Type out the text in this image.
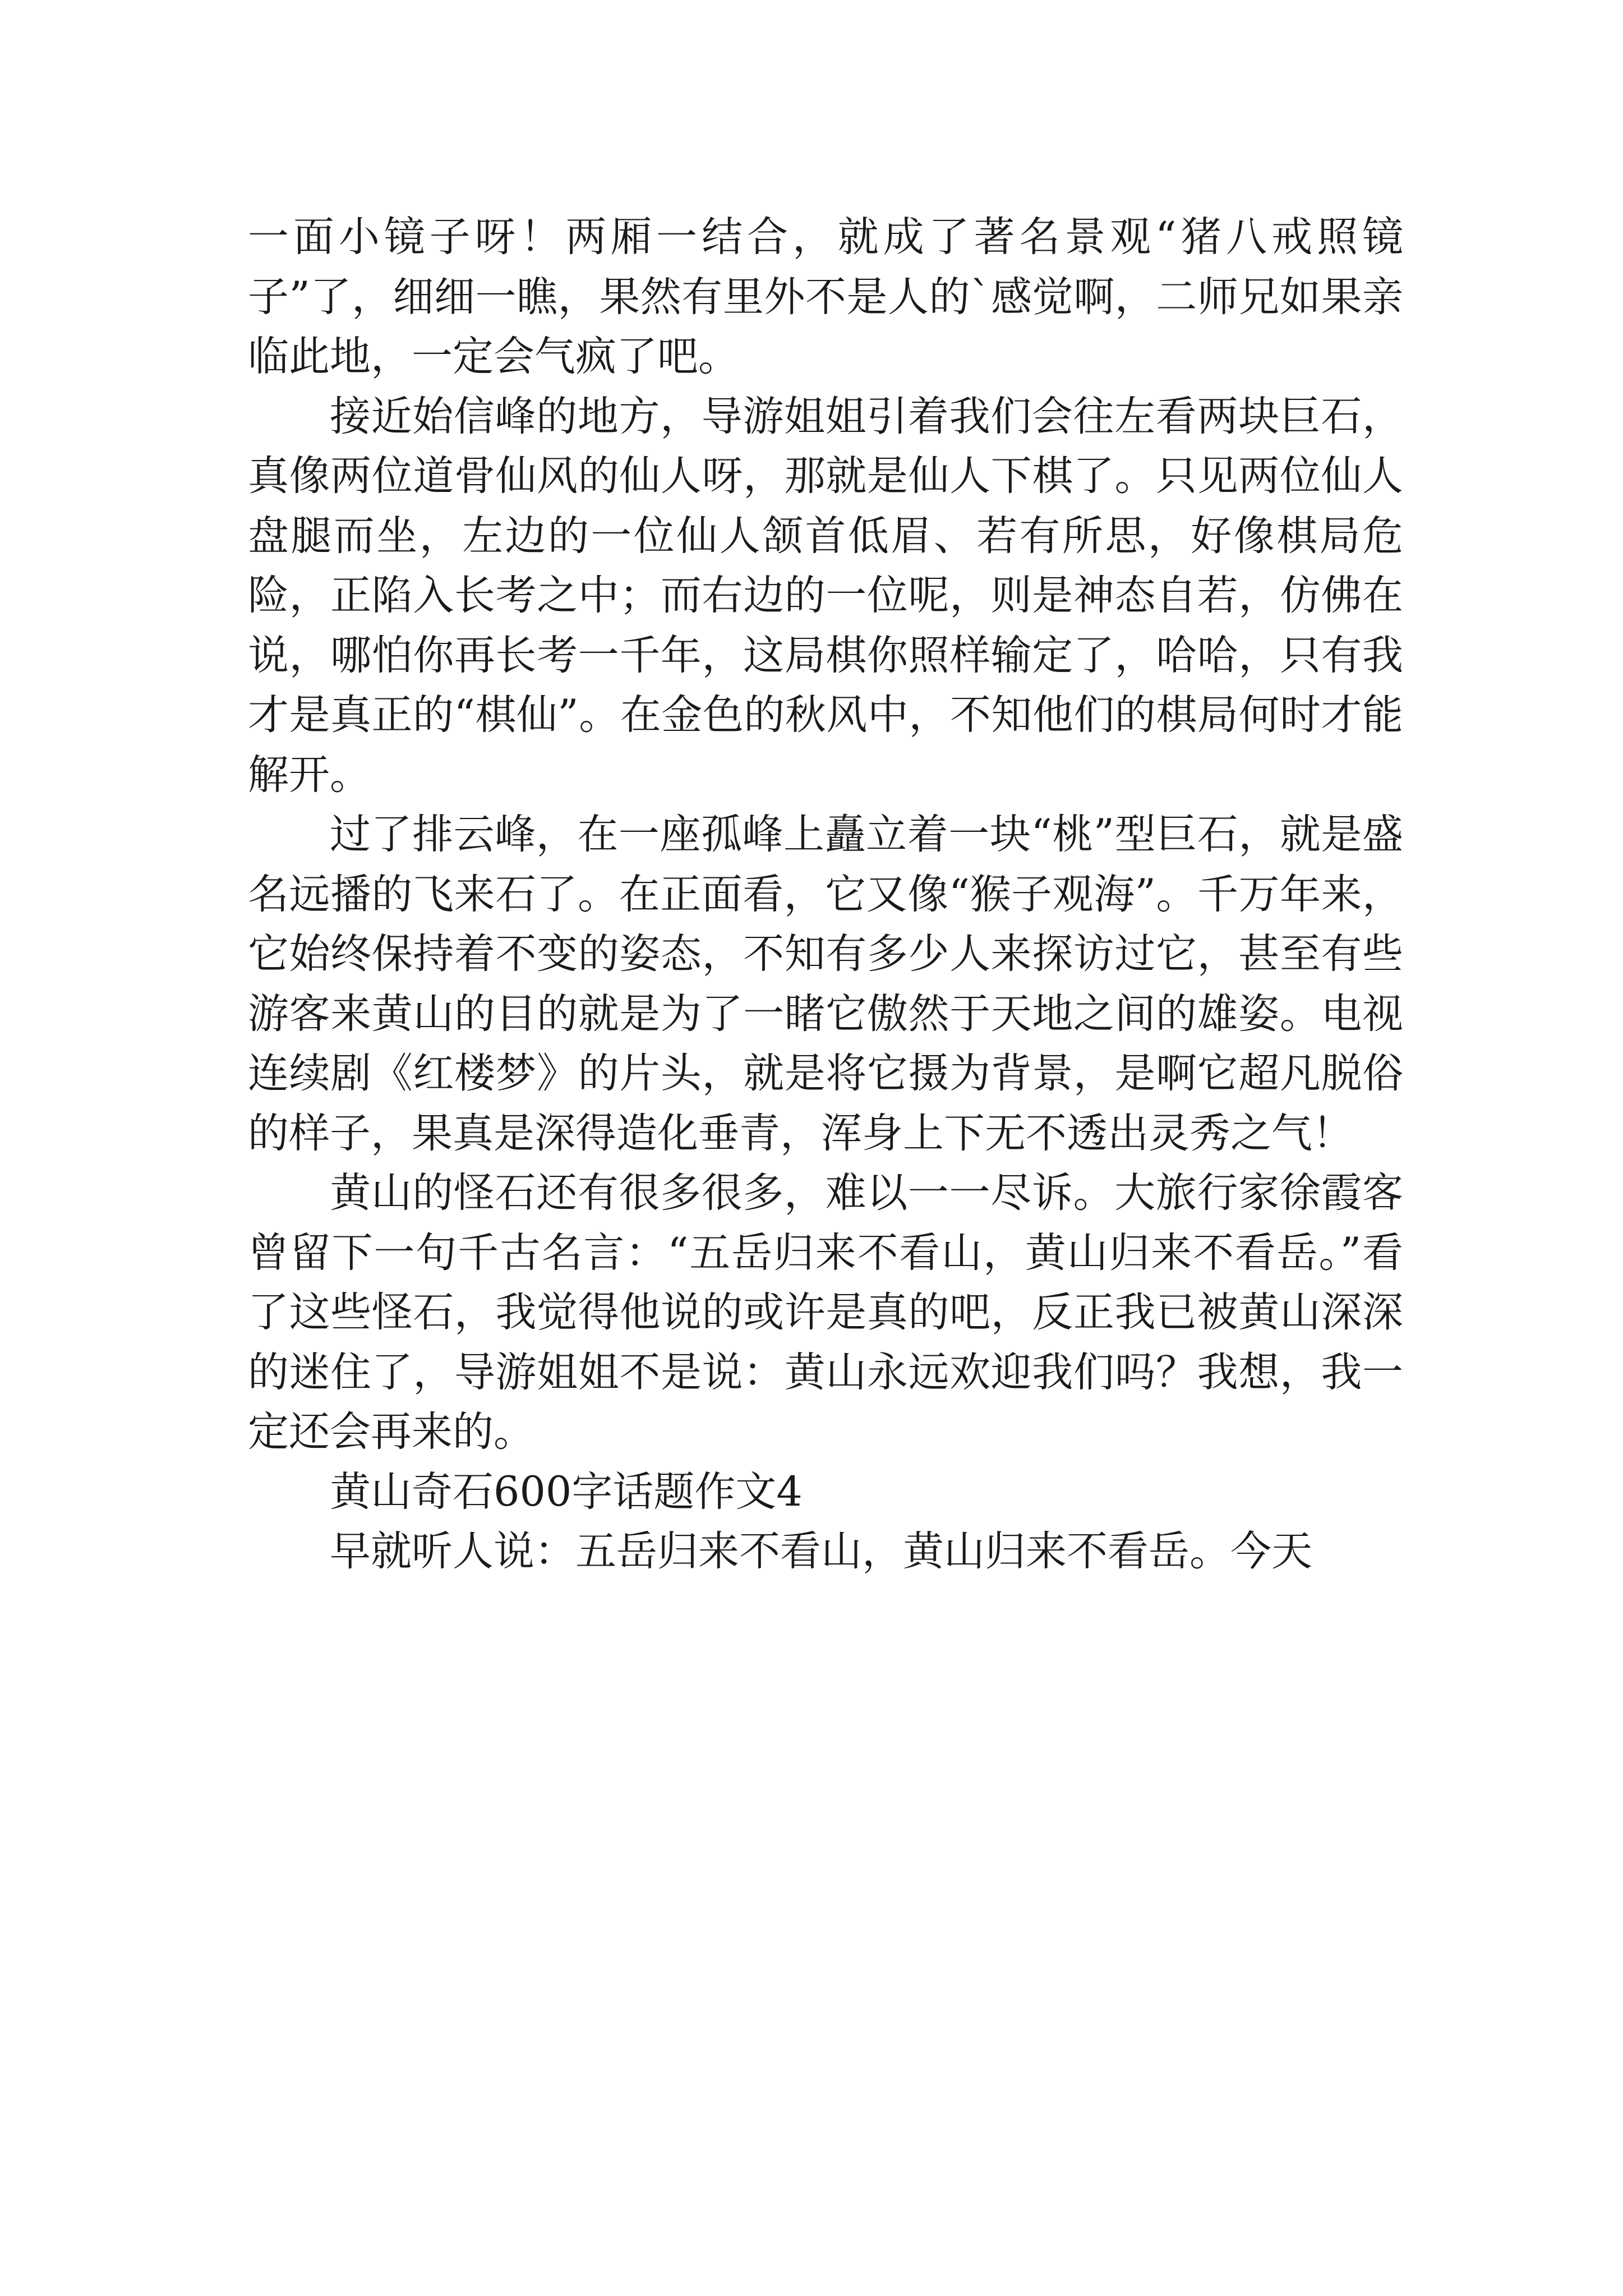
一面小镜子呀！两厢一结合，就成了著名景观“猪八戒照镜子”了，细细一瞧，果然有里外不是人的`感觉啊，二师兄如果亲临此地，一定会气疯了吧。

接近始信峰的地方，导游姐姐引着我们会往左看两块巨石，真像两位道骨仙风的仙人呀，那就是仙人下棋了。只见两位仙人盘腿而坐，左边的一位仙人颔首低眉、若有所思，好像棋局危险，正陷入长考之中；而右边的一位呢，则是神态自若，仿佛在说，哪怕你再长考一千年，这局棋你照样输定了，哈哈，只有我才是真正的“棋仙”。在金色的秋风中，不知他们的棋局何时才能解开。

过了排云峰，在一座孤峰上矗立着一块“桃”型巨石，就是盛名远播的飞来石了。在正面看，它又像“猴子观海”。千万年来，它始终保持着不变的姿态，不知有多少人来探访过它，甚至有些游客来黄山的目的就是为了一睹它傲然于天地之间的雄姿。电视连续剧《红楼梦》的片头，就是将它摄为背景，是啊它超凡脱俗的样子，果真是深得造化垂青，浑身上下无不透出灵秀之气！

黄山的怪石还有很多很多，难以一一尽诉。大旅行家徐霞客曾留下一句千古名言：“五岳归来不看山，黄山归来不看岳。”看了这些怪石，我觉得他说的或许是真的吧，反正我已被黄山深深的迷住了，导游姐姐不是说：黄山永远欢迎我们吗？我想，我一定还会再来的。

黄山奇石600字话题作文4

早就听人说：五岳归来不看山，黄山归来不看岳。今天
